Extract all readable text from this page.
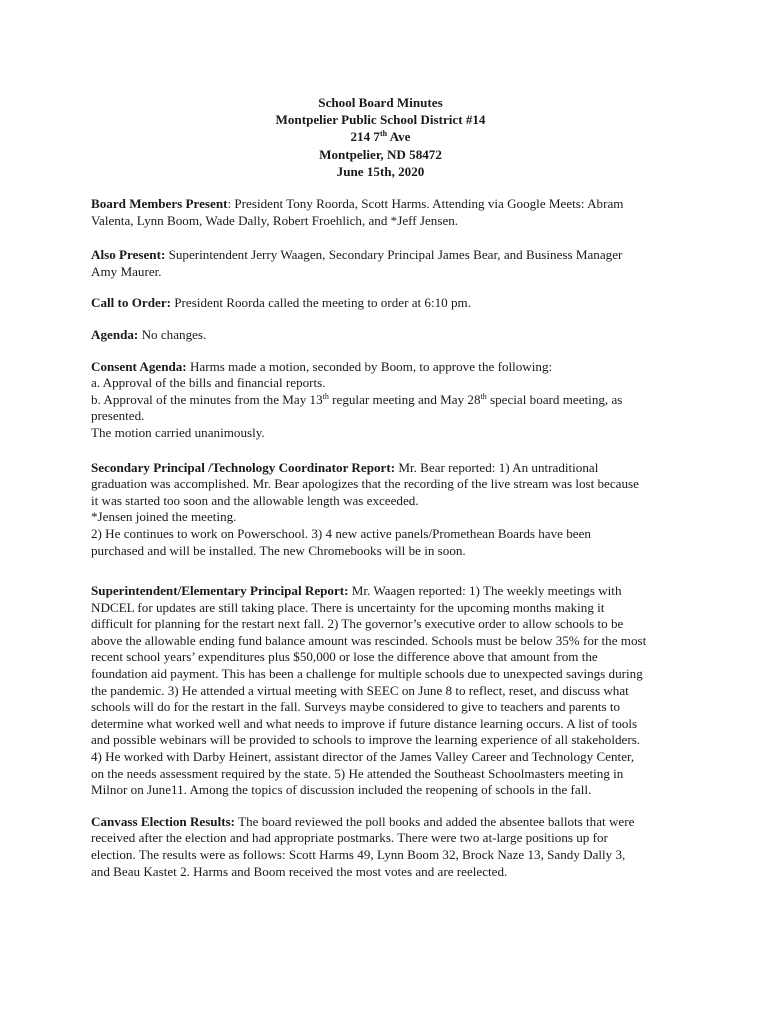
School Board Minutes
Montpelier Public School District #14
214 7th Ave
Montpelier, ND 58472
June 15th, 2020
Board Members Present: President Tony Roorda, Scott Harms. Attending via Google Meets: Abram
Valenta, Lynn Boom, Wade Dally, Robert Froehlich, and *Jeff Jensen.
Also Present: Superintendent Jerry Waagen, Secondary Principal James Bear, and Business Manager
Amy Maurer.
Call to Order: President Roorda called the meeting to order at 6:10 pm.
Agenda: No changes.
Consent Agenda: Harms made a motion, seconded by Boom, to approve the following:
a. Approval of the bills and financial reports.
b. Approval of the minutes from the May 13th regular meeting and May 28th special board meeting, as
presented.
The motion carried unanimously.
Secondary Principal /Technology Coordinator Report: Mr. Bear reported: 1) An untraditional
graduation was accomplished. Mr. Bear apologizes that the recording of the live stream was lost because
it was started too soon and the allowable length was exceeded.
*Jensen joined the meeting.
2) He continues to work on Powerschool. 3) 4 new active panels/Promethean Boards have been
purchased and will be installed. The new Chromebooks will be in soon.
Superintendent/Elementary Principal Report: Mr. Waagen reported: 1) The weekly meetings with
NDCEL for updates are still taking place. There is uncertainty for the upcoming months making it
difficult for planning for the restart next fall. 2) The governor’s executive order to allow schools to be
above the allowable ending fund balance amount was rescinded. Schools must be below 35% for the most
recent school years’ expenditures plus $50,000 or lose the difference above that amount from the
foundation aid payment. This has been a challenge for multiple schools due to unexpected savings during
the pandemic. 3) He attended a virtual meeting with SEEC on June 8 to reflect, reset, and discuss what
schools will do for the restart in the fall. Surveys maybe considered to give to teachers and parents to
determine what worked well and what needs to improve if future distance learning occurs. A list of tools
and possible webinars will be provided to schools to improve the learning experience of all stakeholders.
4) He worked with Darby Heinert, assistant director of the James Valley Career and Technology Center,
on the needs assessment required by the state. 5) He attended the Southeast Schoolmasters meeting in
Milnor on June11. Among the topics of discussion included the reopening of schools in the fall.
Canvass Election Results: The board reviewed the poll books and added the absentee ballots that were
received after the election and had appropriate postmarks. There were two at-large positions up for
election. The results were as follows: Scott Harms 49, Lynn Boom 32, Brock Naze 13, Sandy Dally 3,
and Beau Kastet 2. Harms and Boom received the most votes and are reelected.
